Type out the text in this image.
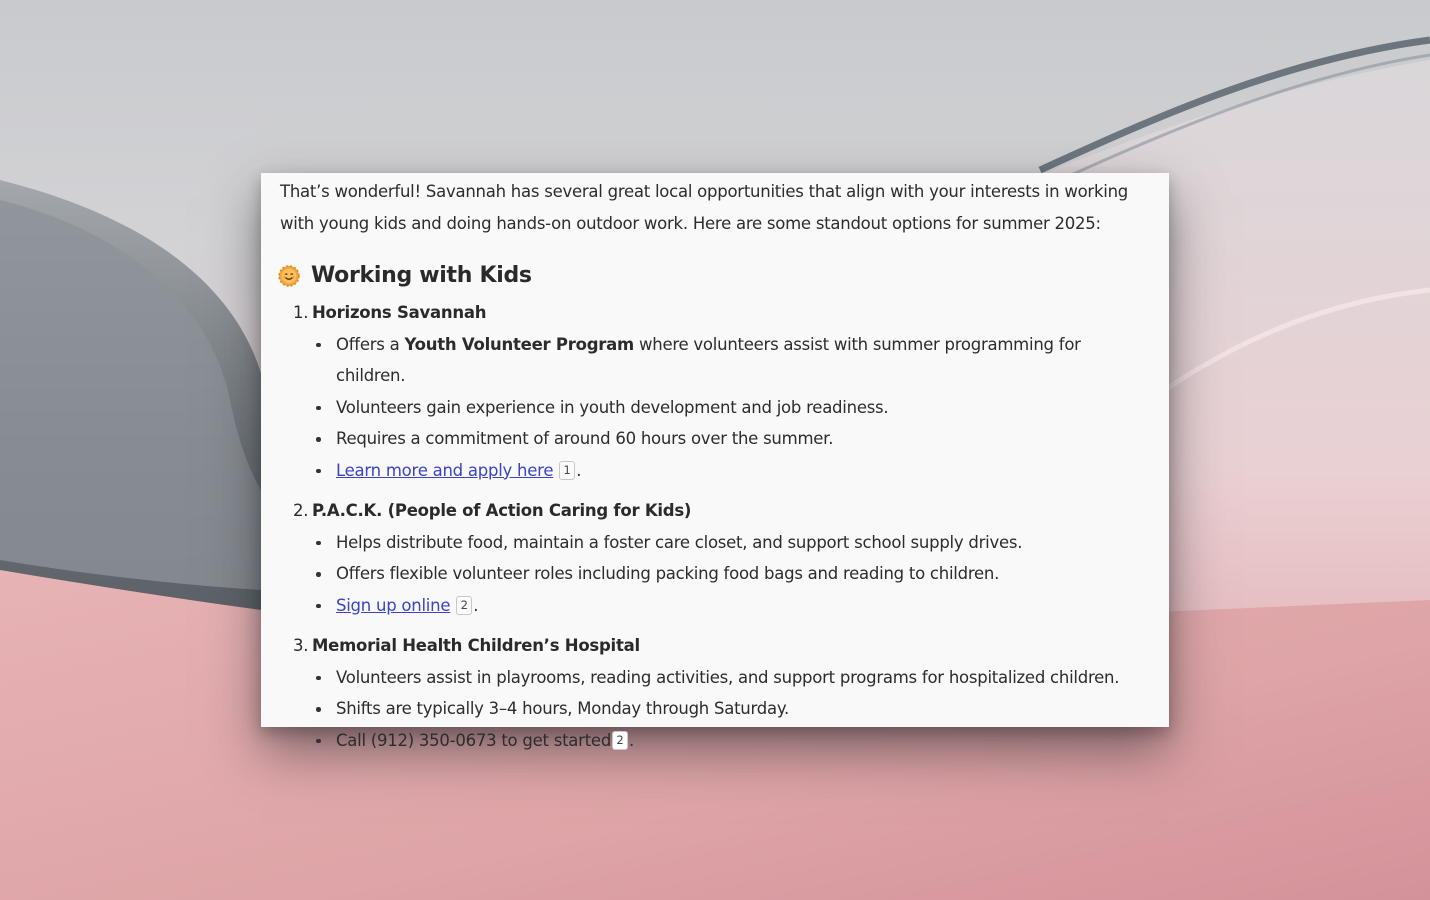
That’s wonderful! Savannah has several great local opportunities that align with your interests in working with young kids and doing hands-on outdoor work. Here are some standout options for summer 2025:

Working with Kids
1. Horizons Savannah
Offers a Youth Volunteer Program where volunteers assist with summer programming for children.
Volunteers gain experience in youth development and job readiness.
Requires a commitment of around 60 hours over the summer.
Learn more and apply here 1 .
2. P.A.C.K. (People of Action Caring for Kids)
Helps distribute food, maintain a foster care closet, and support school supply drives.
Offers flexible volunteer roles including packing food bags and reading to children.
Sign up online 2 .
3. Memorial Health Children’s Hospital
Volunteers assist in playrooms, reading activities, and support programs for hospitalized children.
Shifts are typically 3–4 hours, Monday through Saturday.
Call (912) 350-0673 to get started 2 .
